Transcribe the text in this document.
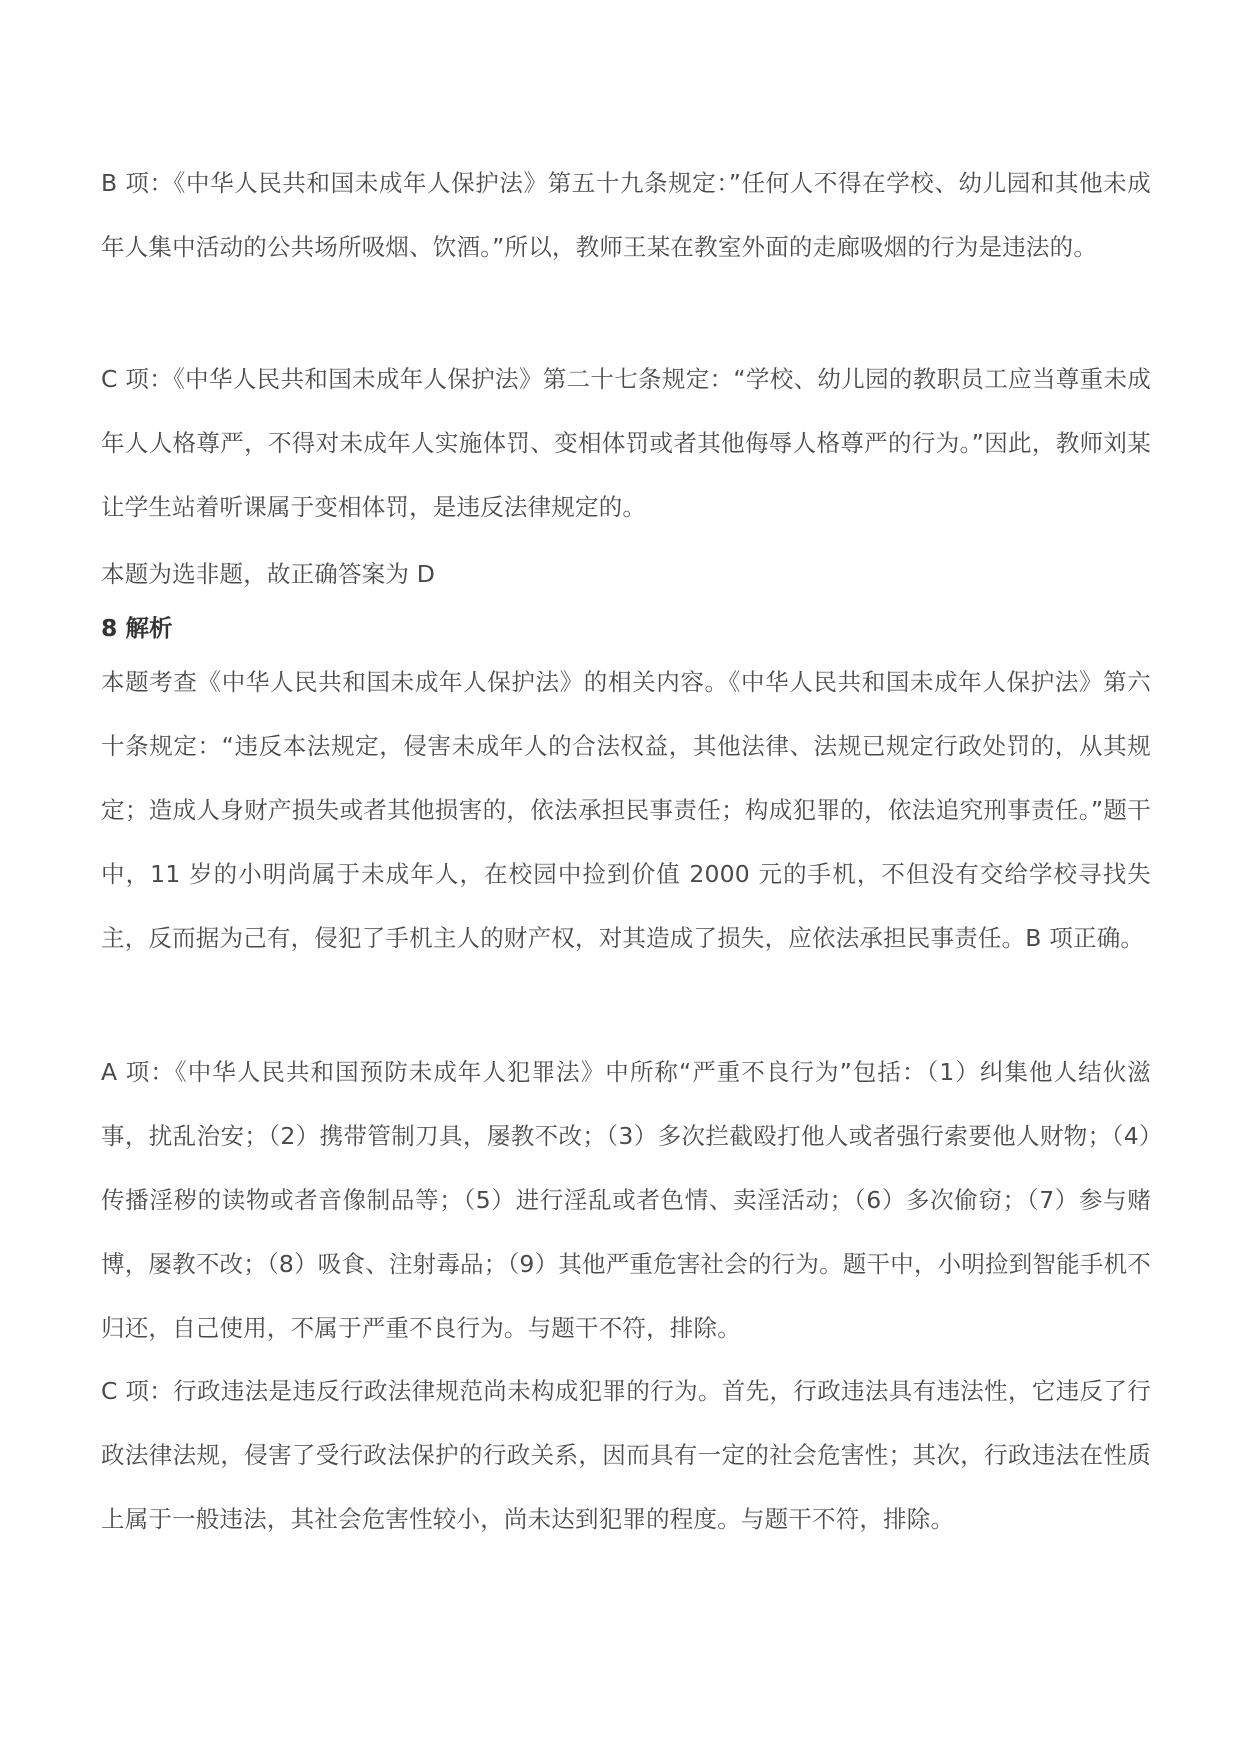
B 项：《中华人民共和国未成年人保护法》第五十九条规定：”任何人不得在学校、幼儿园和其他未成年人集中活动的公共场所吸烟、饮酒。”所以，教师王某在教室外面的走廊吸烟的行为是违法的。

C 项：《中华人民共和国未成年人保护法》第二十七条规定：“学校、幼儿园的教职员工应当尊重未成年人人格尊严，不得对未成年人实施体罚、变相体罚或者其他侮辱人格尊严的行为。”因此，教师刘某让学生站着听课属于变相体罚，是违反法律规定的。

本题为选非题，故正确答案为 D

8 解析

本题考查《中华人民共和国未成年人保护法》的相关内容。《中华人民共和国未成年人保护法》第六十条规定：“违反本法规定，侵害未成年人的合法权益，其他法律、法规已规定行政处罚的，从其规定；造成人身财产损失或者其他损害的，依法承担民事责任；构成犯罪的，依法追究刑事责任。”题干中，11 岁的小明尚属于未成年人，在校园中捡到价值 2000 元的手机，不但没有交给学校寻找失主，反而据为己有，侵犯了手机主人的财产权，对其造成了损失，应依法承担民事责任。B 项正确。

A 项：《中华人民共和国预防未成年人犯罪法》中所称“严重不良行为”包括：（1）纠集他人结伙滋事，扰乱治安；（2）携带管制刀具，屡教不改；（3）多次拦截殴打他人或者强行索要他人财物；（4）传播淫秽的读物或者音像制品等；（5）进行淫乱或者色情、卖淫活动；（6）多次偷窃；（7）参与赌博，屡教不改；（8）吸食、注射毒品；（9）其他严重危害社会的行为。题干中，小明捡到智能手机不归还，自己使用，不属于严重不良行为。与题干不符，排除。

C 项：行政违法是违反行政法律规范尚未构成犯罪的行为。首先，行政违法具有违法性，它违反了行政法律法规，侵害了受行政法保护的行政关系，因而具有一定的社会危害性；其次，行政违法在性质上属于一般违法，其社会危害性较小，尚未达到犯罪的程度。与题干不符，排除。
